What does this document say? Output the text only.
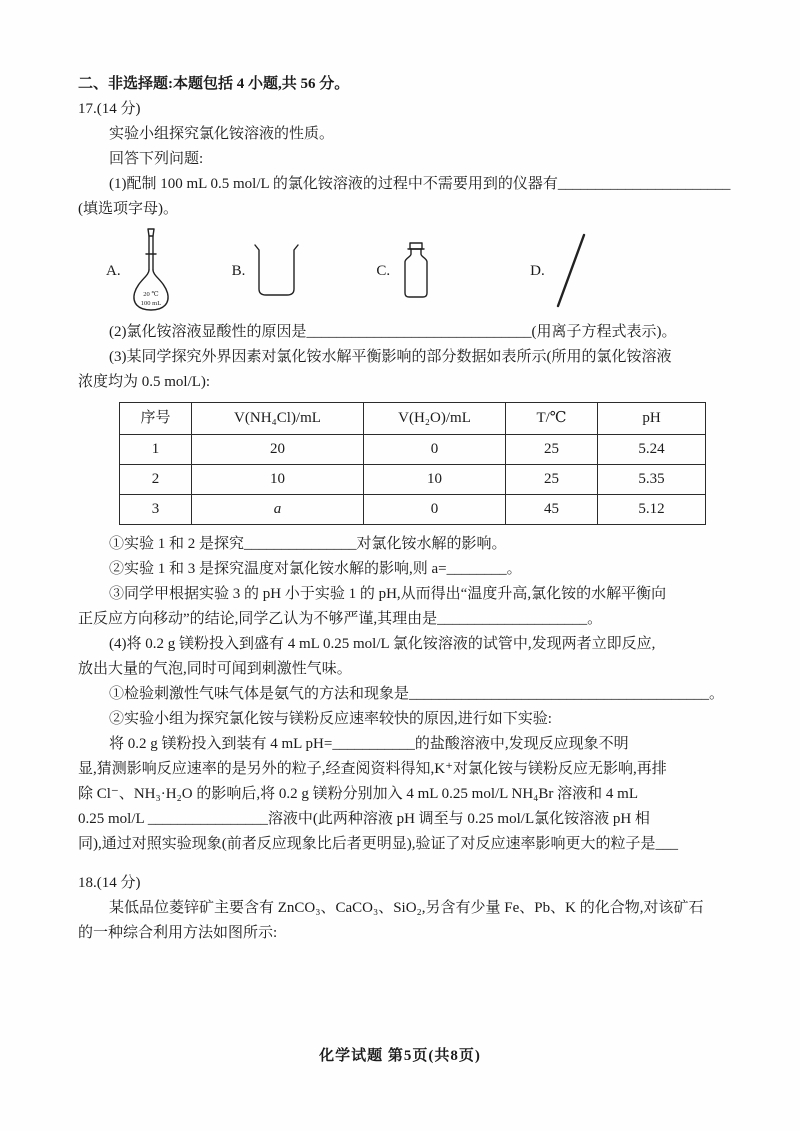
二、非选择题:本题包括 4 小题,共 56 分。
17.(14 分)
实验小组探究氯化铵溶液的性质。
回答下列问题:
(1)配制 100 mL 0.5 mol/L 的氯化铵溶液的过程中不需要用到的仪器有_______________________
(填选项字母)。
A.
20 ℃
100 mL
B.	C.	D.
(2)氯化铵溶液显酸性的原因是______________________________(用离子方程式表示)。
(3)某同学探究外界因素对氯化铵水解平衡影响的部分数据如表所示(所用的氯化铵溶液
浓度均为 0.5 mol/L):
序号	V(NH₄Cl)/mL	V(H₂O)/mL	T/℃	pH
1	20	0	25	5.24
2	10	10	25	5.35
3	a	0	45	5.12
①实验 1 和 2 是探究_______________对氯化铵水解的影响。
②实验 1 和 3 是探究温度对氯化铵水解的影响,则 a=________。
③同学甲根据实验 3 的 pH 小于实验 1 的 pH,从而得出“温度升高,氯化铵的水解平衡向
正反应方向移动”的结论,同学乙认为不够严谨,其理由是____________________。
(4)将 0.2 g 镁粉投入到盛有 4 mL 0.25 mol/L 氯化铵溶液的试管中,发现两者立即反应,
放出大量的气泡,同时可闻到刺激性气味。
①检验刺激性气味气体是氨气的方法和现象是________________________________________。
②实验小组为探究氯化铵与镁粉反应速率较快的原因,进行如下实验:
将 0.2 g 镁粉投入到装有 4 mL pH=___________的盐酸溶液中,发现反应现象不明
显,猜测影响反应速率的是另外的粒子,经查阅资料得知,K⁺对氯化铵与镁粉反应无影响,再排
除 Cl⁻、NH₃·H₂O 的影响后,将 0.2 g 镁粉分别加入 4 mL 0.25 mol/L NH₄Br 溶液和 4 mL
0.25 mol/L ________________溶液中(此两种溶液 pH 调至与 0.25 mol/L氯化铵溶液 pH 相
同),通过对照实验现象(前者反应现象比后者更明显),验证了对反应速率影响更大的粒子是___
18.(14 分)
某低品位菱锌矿主要含有 ZnCO₃、CaCO₃、SiO₂,另含有少量 Fe、Pb、K 的化合物,对该矿石
的一种综合利用方法如图所示:
化学试题 第5页(共8页)
